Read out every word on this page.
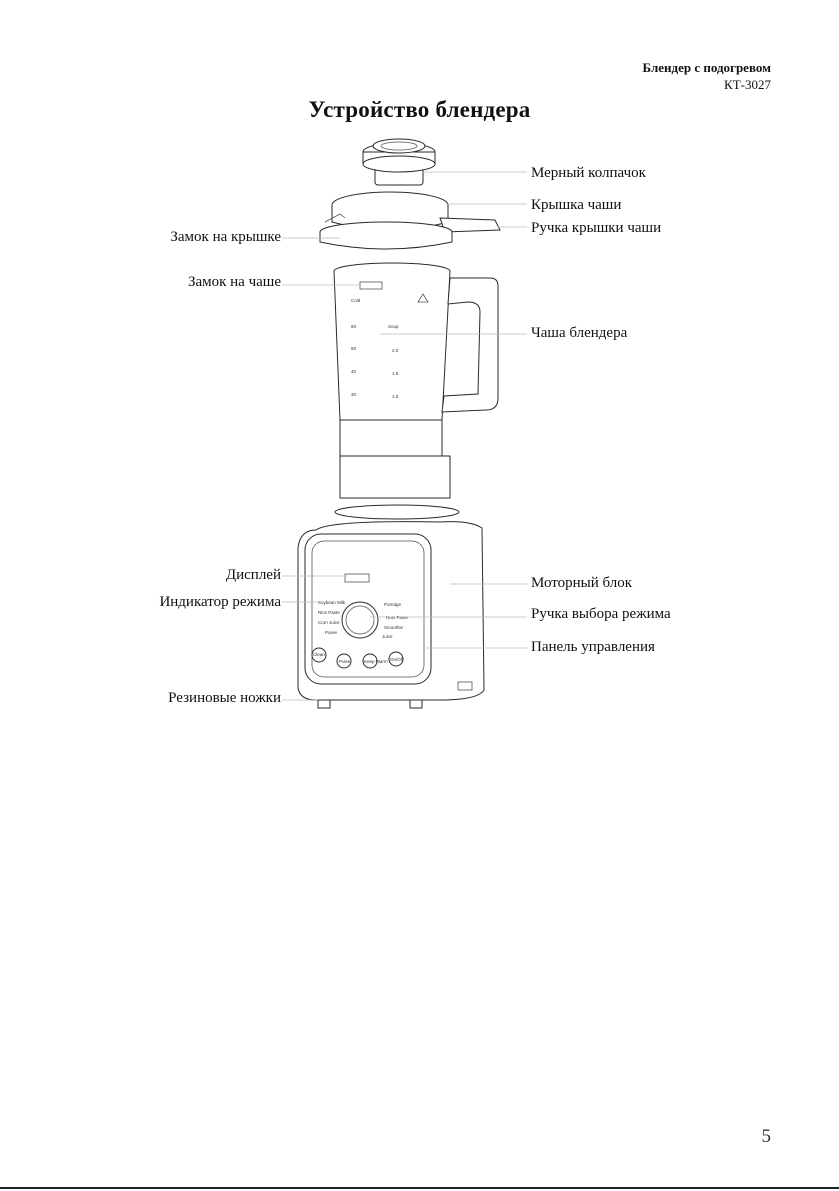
Блендер с подогревом
КТ-3027
Устройство блендера
Cold
Soup
60
50	2.0
40	1.5
30	1.0
Soybean Milk
Rice Paste
Corn Juice
Puree
Porridge
Nuts Paste
Smoothie
Juice
Clean
Pulse	Keep Warm On/Off
Замок на крышке
Замок на чаше
Дисплей
Индикатор режима
Резиновые ножки
Мерный колпачок
Крышка чаши
Ручка крышки чаши
Чаша блендера
Моторный блок
Ручка выбора режима
Панель управления
5
